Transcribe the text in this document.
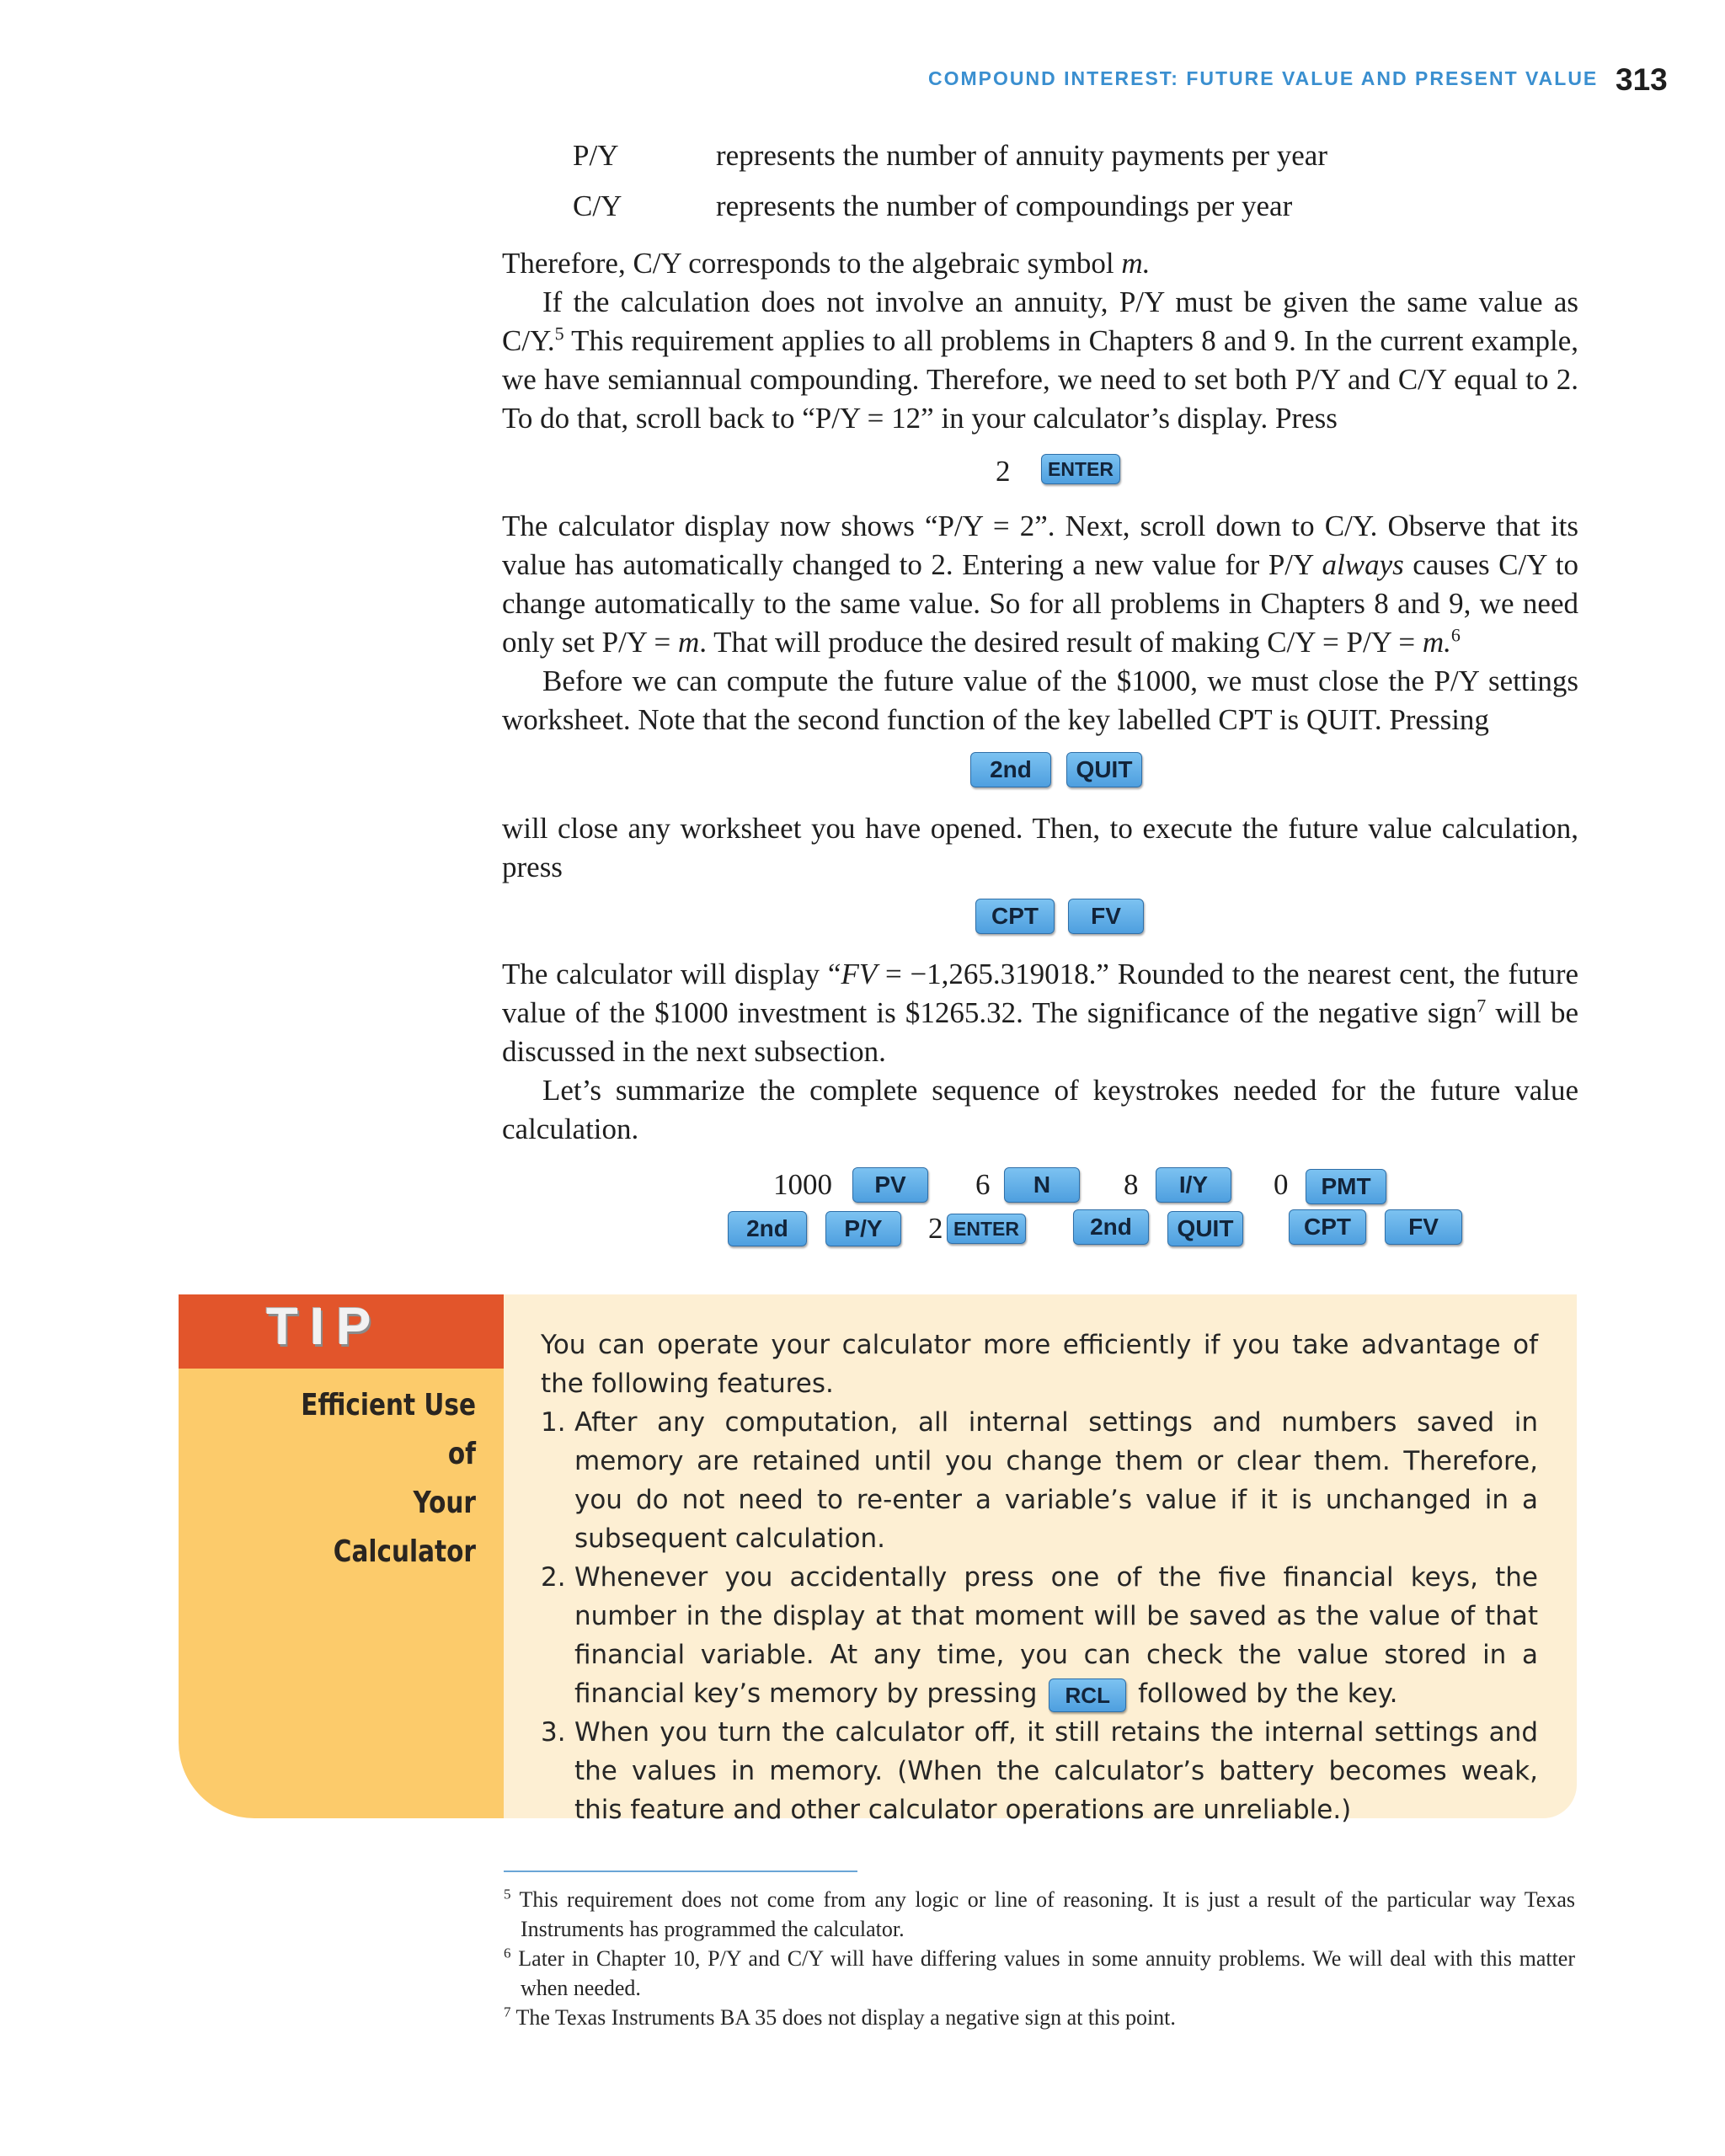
COMPOUND INTEREST: FUTURE VALUE AND PRESENT VALUE 313
P/Y	represents the number of annuity payments per year
C/Y	represents the number of compoundings per year
Therefore, C/Y corresponds to the algebraic symbol m.
If the calculation does not involve an annuity, P/Y must be given the same value as C/Y.$^5$ This requirement applies to all problems in Chapters 8 and 9. In the current example, we have semiannual compounding. Therefore, we need to set both P/Y and C/Y equal to 2. To do that, scroll back to “P/Y = 12” in your calculator’s display. Press
2	ENTER
The calculator display now shows “P/Y = 2”. Next, scroll down to C/Y. Observe that its value has automatically changed to 2. Entering a new value for P/Y always causes C/Y to change automatically to the same value. So for all problems in Chapters 8 and 9, we need only set P/Y = m. That will produce the desired result of making C/Y = P/Y = m.$^6$
Before we can compute the future value of the $1000, we must close the P/Y settings worksheet. Note that the second function of the key labelled CPT is QUIT. Pressing
2nd	QUIT
will close any worksheet you have opened. Then, to execute the future value calculation, press
CPT	FV
The calculator will display “FV = −1,265.319018.” Rounded to the nearest cent, the future value of the $1000 investment is $1265.32. The significance of the negative sign$^7$ will be discussed in the next subsection.
Let’s summarize the complete sequence of keystrokes needed for the future value calculation.
1000	PV	6	N	8	I/Y	0	PMT
2nd	P/Y	2 ENTER	2nd	QUIT	CPT	FV
TIP
Efficient Use of
Your Calculator
You can operate your calculator more efficiently if you take advantage of the following features.
1. After any computation, all internal settings and numbers saved in memory are retained until you change them or clear them. Therefore, you do not need to re-enter a variable’s value if it is unchanged in a subsequent calculation.
2. Whenever you accidentally press one of the five financial keys, the number in the display at that moment will be saved as the value of that financial variable. At any time, you can check the value stored in a financial key’s memory by pressing RCL followed by the key.
3. When you turn the calculator off, it still retains the internal settings and the values in memory. (When the calculator’s battery becomes weak, this feature and other calculator operations are unreliable.)
$^5$ This requirement does not come from any logic or line of reasoning. It is just a result of the particular way Texas Instruments has programmed the calculator.
$^6$ Later in Chapter 10, P/Y and C/Y will have differing values in some annuity problems. We will deal with this matter when needed.
$^7$ The Texas Instruments BA 35 does not display a negative sign at this point.
